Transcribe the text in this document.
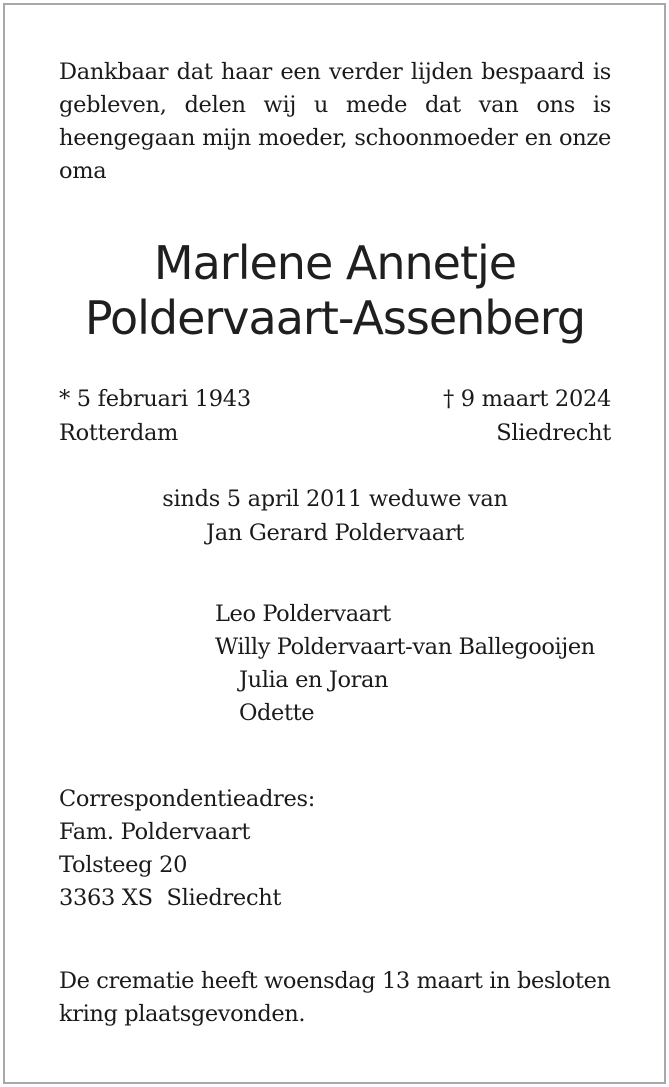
Dankbaar dat haar een verder lijden bespaard is gebleven, delen wij u mede dat van ons is heengegaan mijn moeder, schoonmoeder en onze oma
Marlene Annetje
Poldervaart-Assenberg
* 5 februari 1943	† 9 maart 2024
Rotterdam	Sliedrecht
sinds 5 april 2011 weduwe van
Jan Gerard Poldervaart
Leo Poldervaart
Willy Poldervaart-van Ballegooijen
Julia en Joran
Odette
Correspondentieadres:
Fam. Poldervaart
Tolsteeg 20
3363 XS  Sliedrecht
De crematie heeft woensdag 13 maart in besloten
kring plaatsgevonden.
